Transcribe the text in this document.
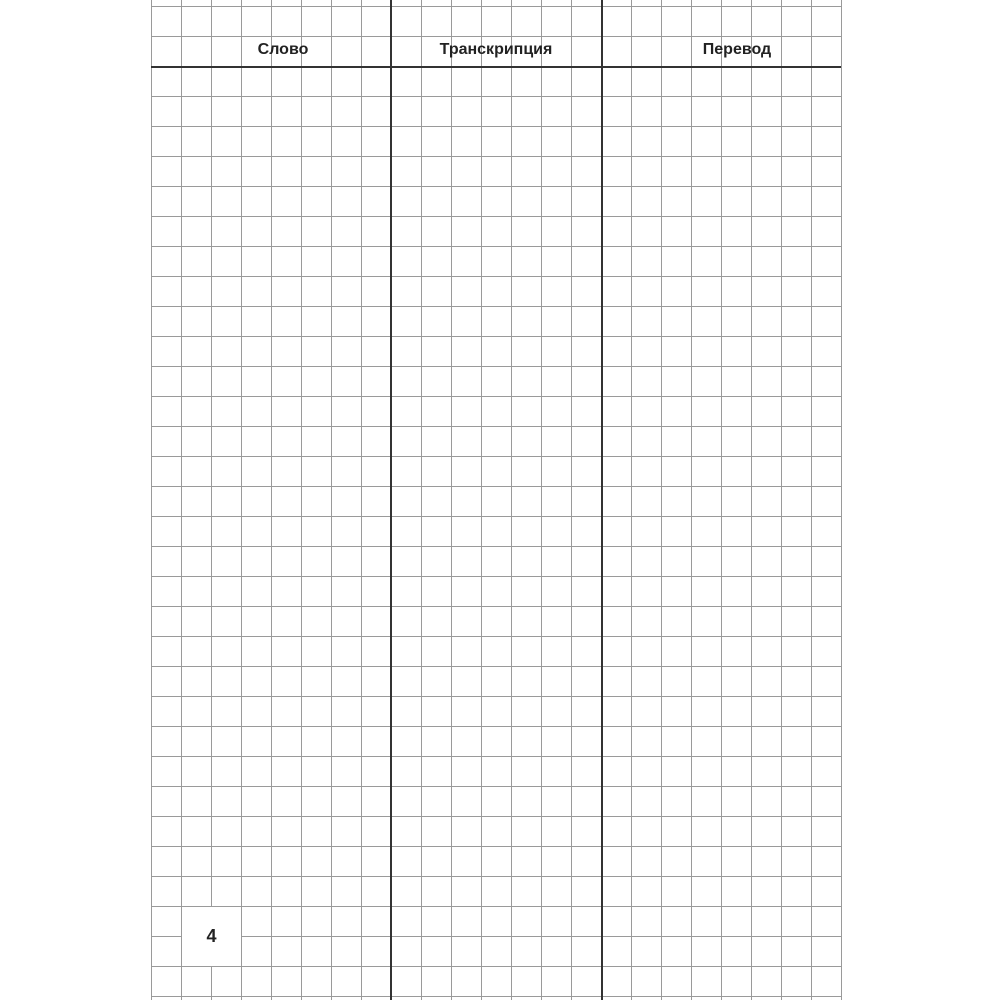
Слово	Транскрипция	Перевод
4
